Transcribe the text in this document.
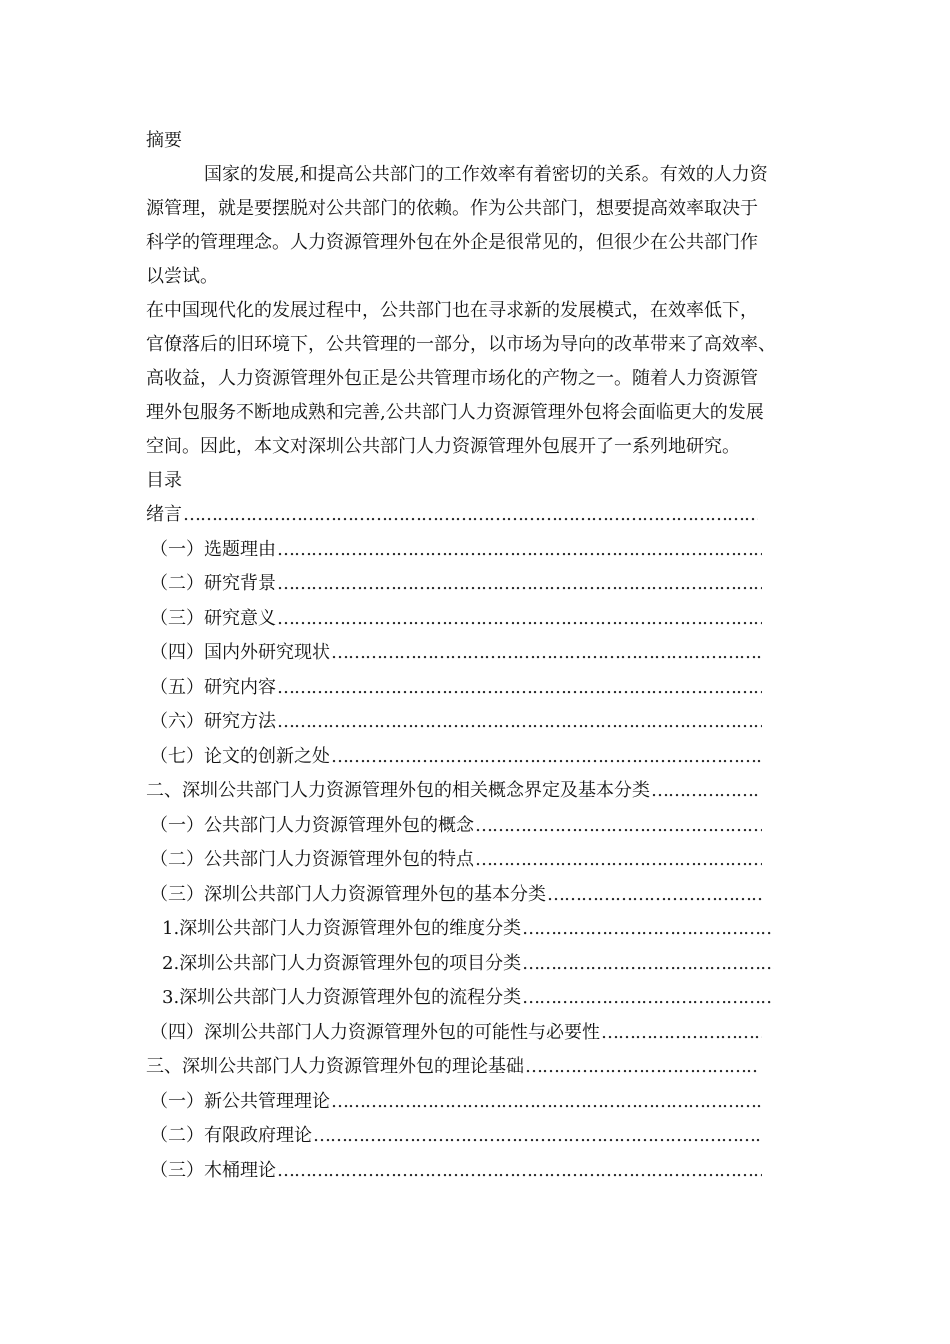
摘要
国家的发展,和提高公共部门的工作效率有着密切的关系。有效的人力资
源管理，就是要摆脱对公共部门的依赖。作为公共部门，想要提高效率取决于
科学的管理理念。人力资源管理外包在外企是很常见的，但很少在公共部门作
以尝试。
在中国现代化的发展过程中，公共部门也在寻求新的发展模式，在效率低下，
官僚落后的旧环境下，公共管理的一部分，以市场为导向的改革带来了高效率、
高收益，人力资源管理外包正是公共管理市场化的产物之一。随着人力资源管
理外包服务不断地成熟和完善,公共部门人力资源管理外包将会面临更大的发展
空间。因此，本文对深圳公共部门人力资源管理外包展开了一系列地研究。
目录
绪言
…………………………………………………………………………………………………………………………………………………
（一）选题理由
…………………………………………………………………………………………………………………………………………………
（二）研究背景
…………………………………………………………………………………………………………………………………………………
（三）研究意义
…………………………………………………………………………………………………………………………………………………
（四）国内外研究现状
…………………………………………………………………………………………………………………………………………………
（五）研究内容
…………………………………………………………………………………………………………………………………………………
（六）研究方法
…………………………………………………………………………………………………………………………………………………
（七）论文的创新之处
…………………………………………………………………………………………………………………………………………………
二、深圳公共部门人力资源管理外包的相关概念界定及基本分类
…………………………………………………………………………………………………………………………………………………
（一）公共部门人力资源管理外包的概念
…………………………………………………………………………………………………………………………………………………
（二）公共部门人力资源管理外包的特点
…………………………………………………………………………………………………………………………………………………
（三）深圳公共部门人力资源管理外包的基本分类
…………………………………………………………………………………………………………………………………………………
1.深圳公共部门人力资源管理外包的维度分类
…………………………………………………………………………………………………………………………………………………
2.深圳公共部门人力资源管理外包的项目分类
…………………………………………………………………………………………………………………………………………………
3.深圳公共部门人力资源管理外包的流程分类
…………………………………………………………………………………………………………………………………………………
（四）深圳公共部门人力资源管理外包的可能性与必要性
…………………………………………………………………………………………………………………………………………………
三、深圳公共部门人力资源管理外包的理论基础
…………………………………………………………………………………………………………………………………………………
（一）新公共管理理论
…………………………………………………………………………………………………………………………………………………
（二）有限政府理论
…………………………………………………………………………………………………………………………………………………
（三）木桶理论
…………………………………………………………………………………………………………………………………………………
